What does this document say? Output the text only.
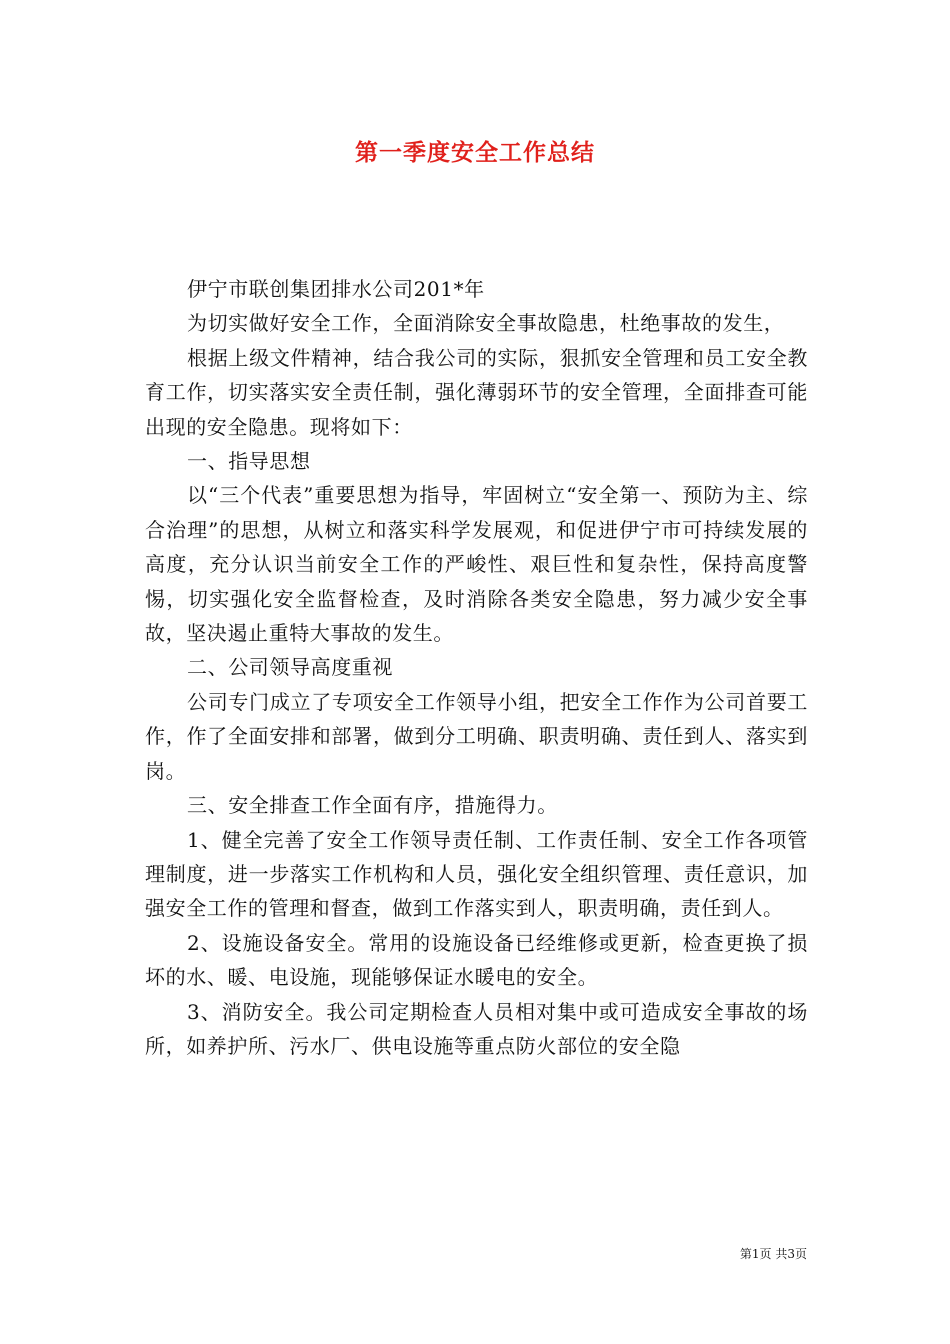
第一季度安全工作总结

伊宁市联创集团排水公司201*年

为切实做好安全工作，全面消除安全事故隐患，杜绝事故的发生，

根据上级文件精神，结合我公司的实际，狠抓安全管理和员工安全教育工作，切实落实安全责任制，强化薄弱环节的安全管理，全面排查可能出现的安全隐患。现将如下：

一、指导思想

以“三个代表”重要思想为指导，牢固树立“安全第一、预防为主、综合治理”的思想，从树立和落实科学发展观，和促进伊宁市可持续发展的高度，充分认识当前安全工作的严峻性、艰巨性和复杂性，保持高度警惕，切实强化安全监督检查，及时消除各类安全隐患，努力减少安全事故，坚决遏止重特大事故的发生。

二、公司领导高度重视

公司专门成立了专项安全工作领导小组，把安全工作作为公司首要工作，作了全面安排和部署，做到分工明确、职责明确、责任到人、落实到岗。

三、安全排查工作全面有序，措施得力。

1、健全完善了安全工作领导责任制、工作责任制、安全工作各项管理制度，进一步落实工作机构和人员，强化安全组织管理、责任意识，加强安全工作的管理和督查，做到工作落实到人，职责明确，责任到人。

2、设施设备安全。常用的设施设备已经维修或更新，检查更换了损坏的水、暖、电设施，现能够保证水暖电的安全。

3、消防安全。我公司定期检查人员相对集中或可造成安全事故的场所，如养护所、污水厂、供电设施等重点防火部位的安全隐

第1页 共3页
